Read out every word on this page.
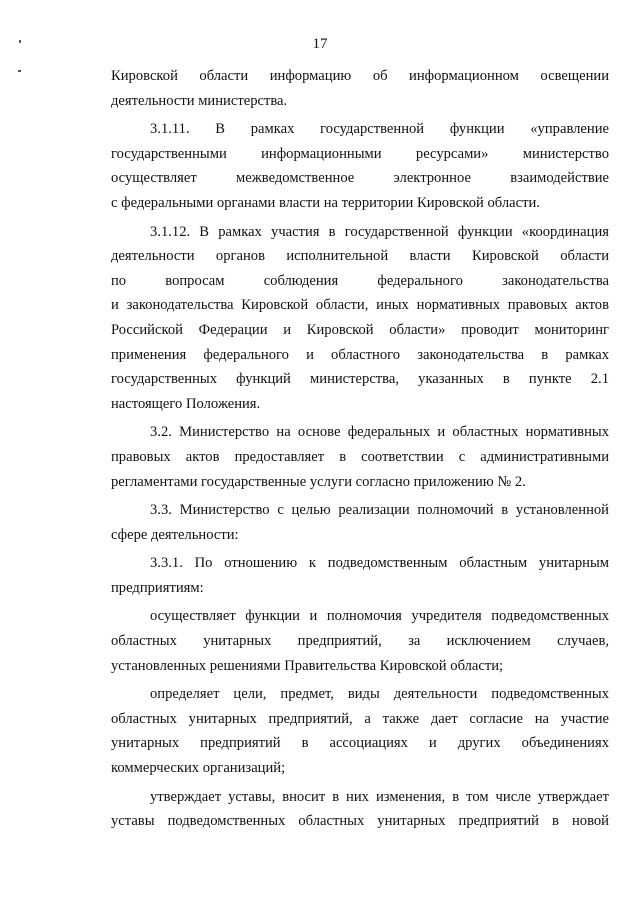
17
Кировской области информацию об информационном освещении
деятельности министерства.
3.1.11. В рамках государственной функции «управление
государственными информационными ресурсами» министерство
осуществляет межведомственное электронное взаимодействие
с федеральными органами власти на территории Кировской области.
3.1.12. В рамках участия в государственной функции «координация
деятельности органов исполнительной власти Кировской области
по вопросам соблюдения федерального законодательства
и законодательства Кировской области, иных нормативных правовых актов
Российской Федерации и Кировской области» проводит мониторинг
применения федерального и областного законодательства в рамках
государственных функций министерства, указанных в пункте 2.1
настоящего Положения.
3.2. Министерство на основе федеральных и областных нормативных
правовых актов предоставляет в соответствии с административными
регламентами государственные услуги согласно приложению № 2.
3.3. Министерство с целью реализации полномочий в установленной
сфере деятельности:
3.3.1. По отношению к подведомственным областным унитарным
предприятиям:
осуществляет функции и полномочия учредителя подведомственных
областных унитарных предприятий, за исключением случаев,
установленных решениями Правительства Кировской области;
определяет цели, предмет, виды деятельности подведомственных
областных унитарных предприятий, а также дает согласие на участие
унитарных предприятий в ассоциациях и других объединениях
коммерческих организаций;
утверждает уставы, вносит в них изменения, в том числе утверждает
уставы подведомственных областных унитарных предприятий в новой
